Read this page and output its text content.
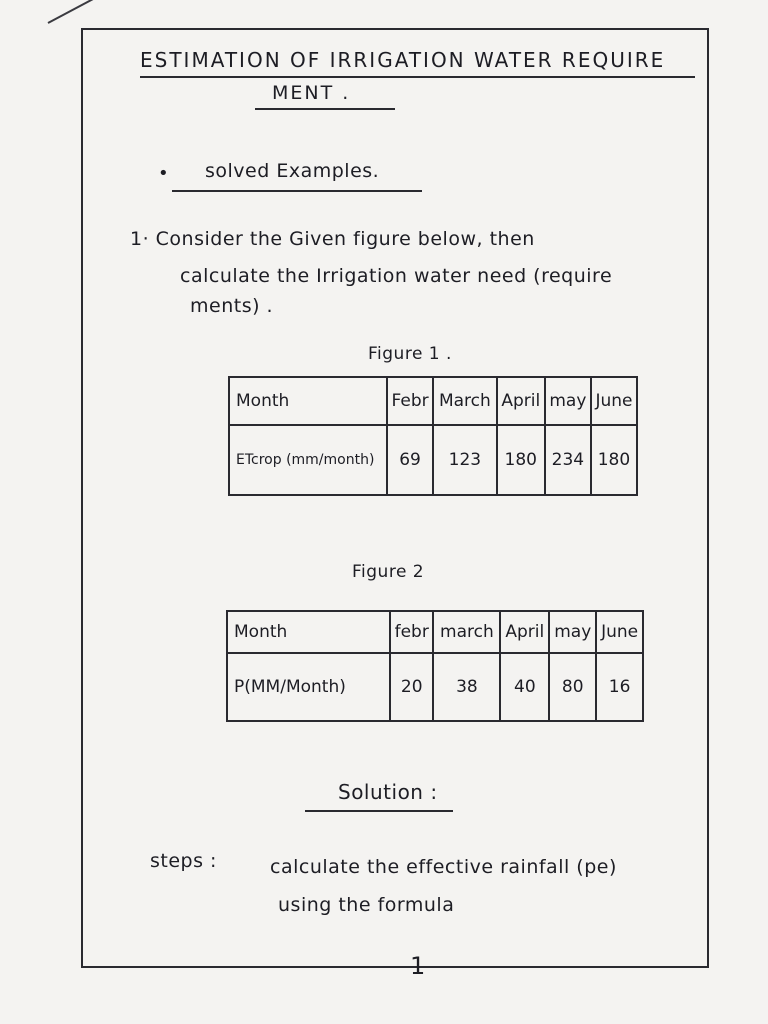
ESTIMATION OF IRRIGATION WATER REQUIRE
MENT .
• solved Examples.
1· Consider the Given figure below, then
calculate the Irrigation water need (require
ments) .
Figure 1 .
Month	Febr	March	April	may	June
ETcrop (mm/month)	69	123	180	234	180
Figure 2
Month	febr	march	April	may	June
P(MM/Month)	20	38	40	80	16
Solution :
steps :	calculate the effective rainfall (pe)
using the formula
1
